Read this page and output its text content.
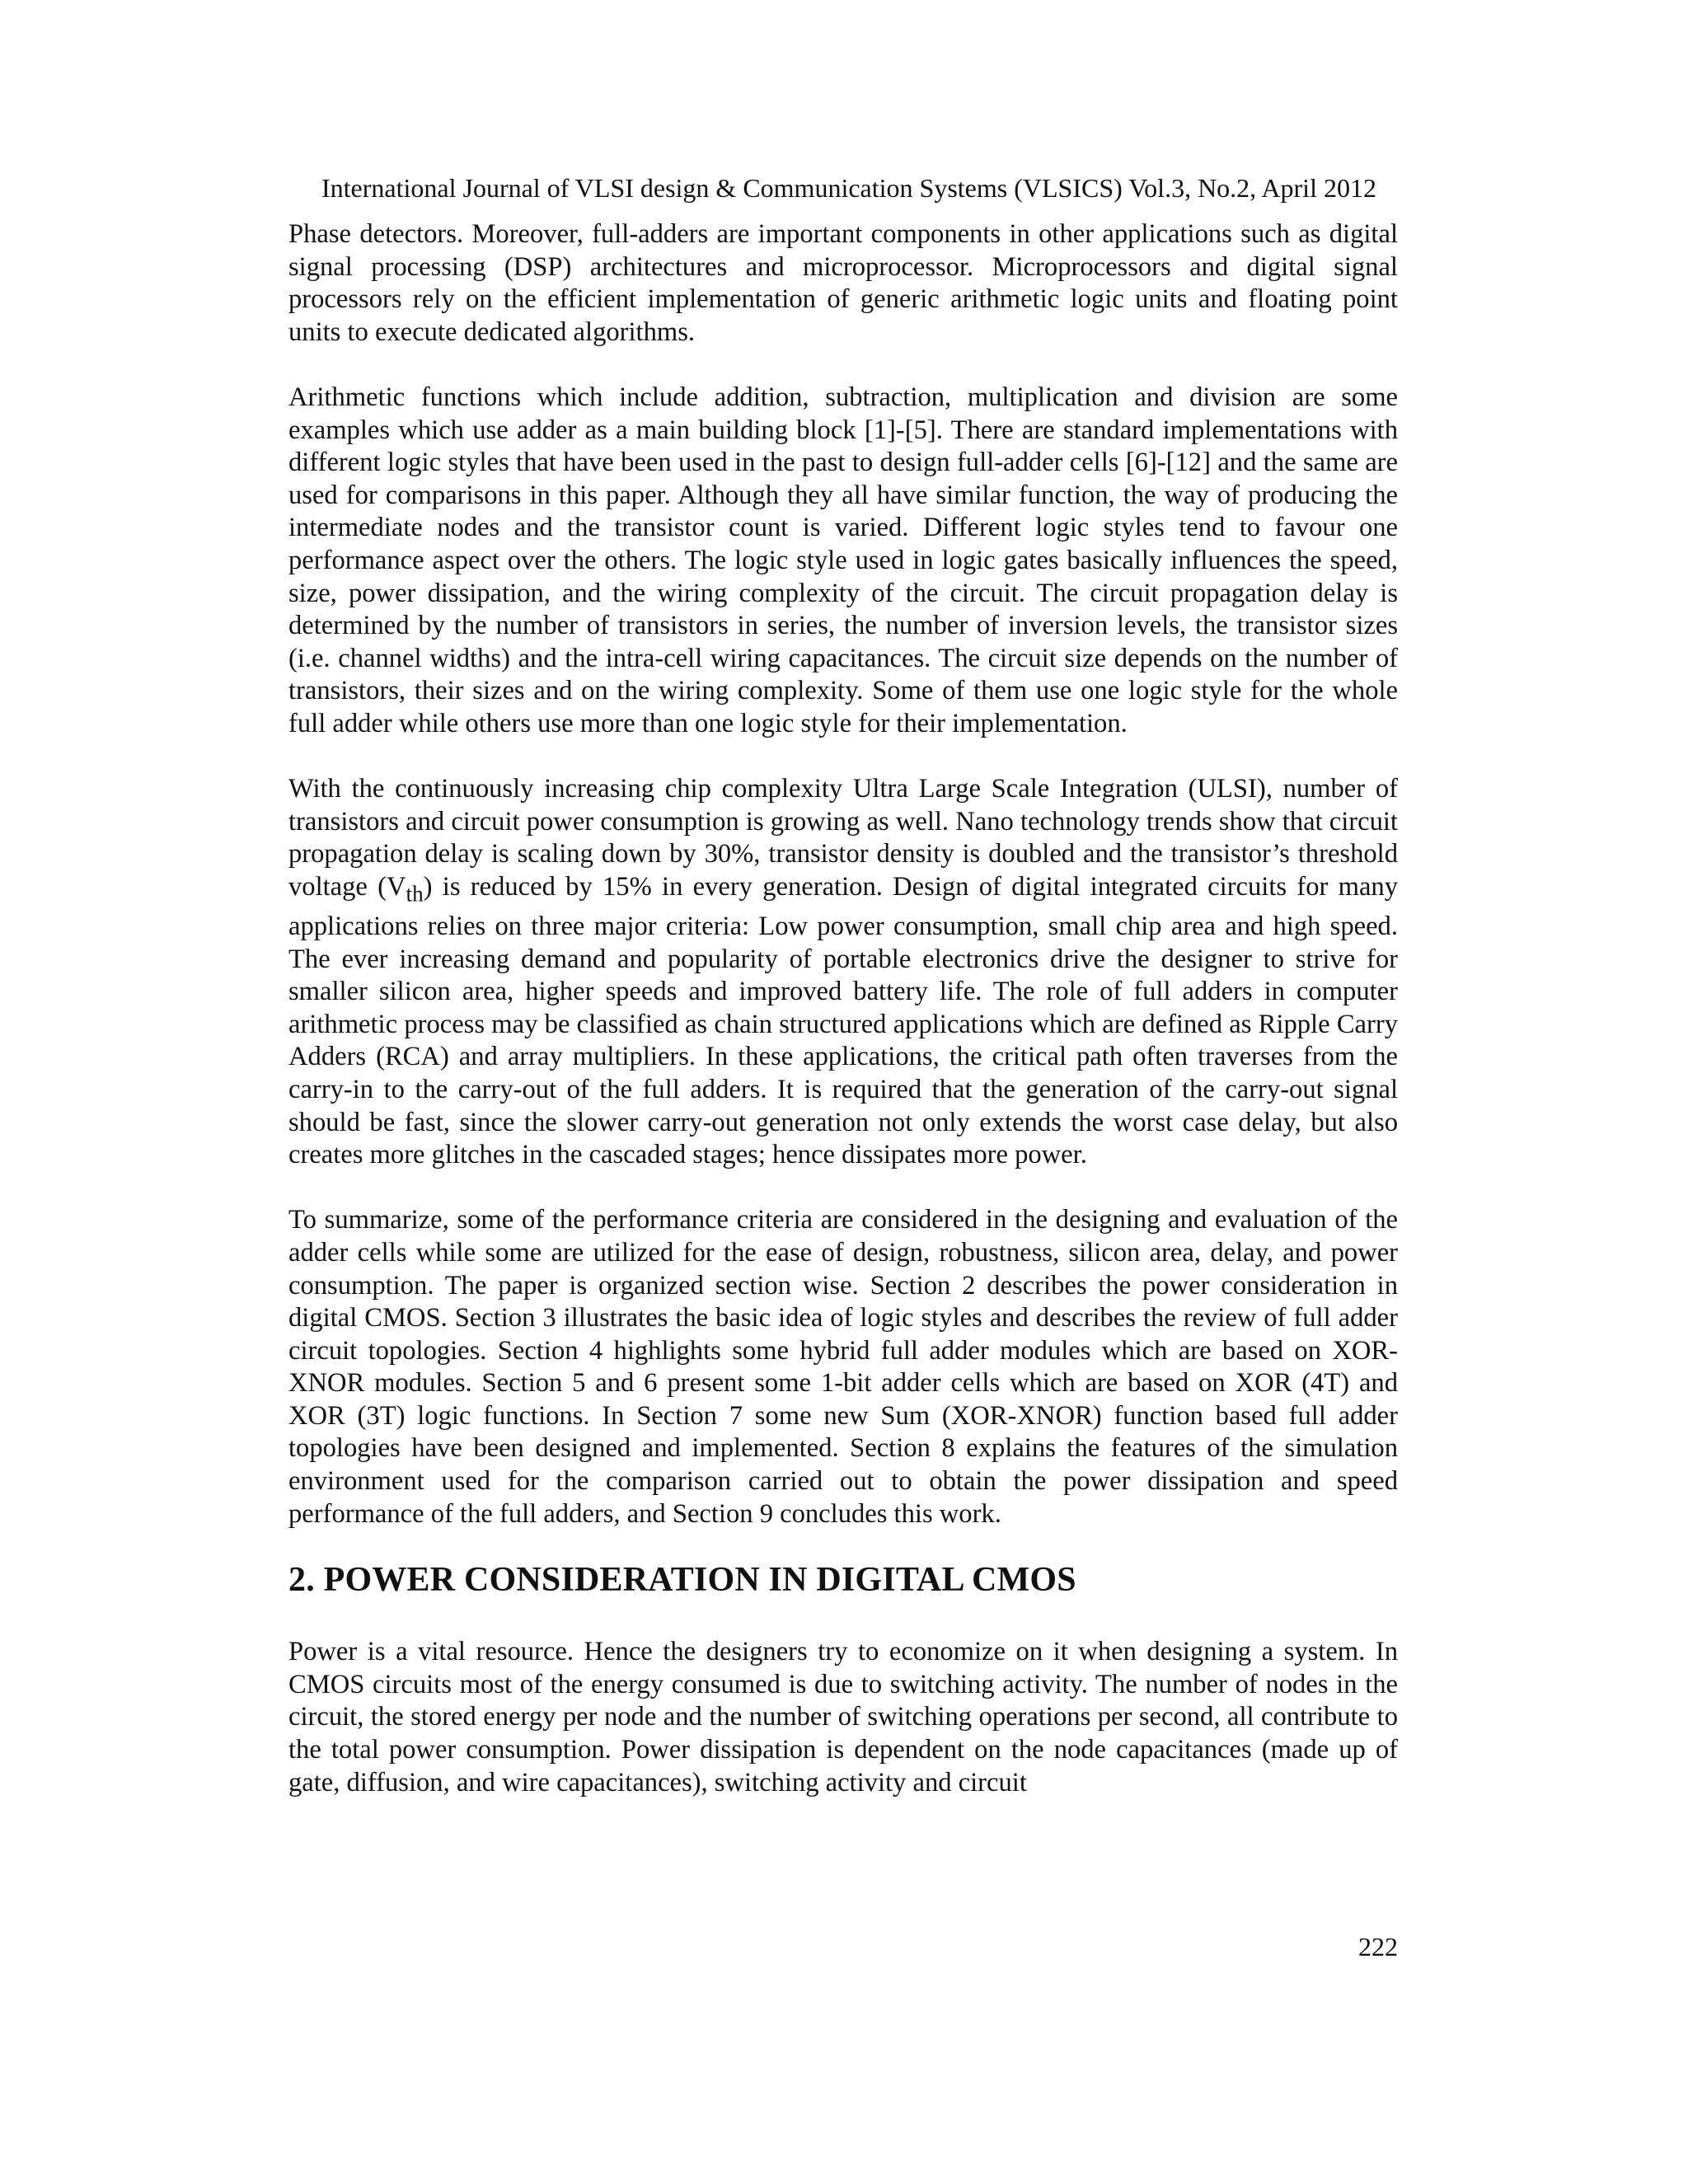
International Journal of VLSI design & Communication Systems (VLSICS) Vol.3, No.2, April 2012

Phase detectors. Moreover, full-adders are important components in other applications such as digital signal processing (DSP) architectures and microprocessor. Microprocessors and digital signal processors rely on the efficient implementation of generic arithmetic logic units and floating point units to execute dedicated algorithms.

Arithmetic functions which include addition, subtraction, multiplication and division are some examples which use adder as a main building block [1]-[5]. There are standard implementations with different logic styles that have been used in the past to design full-adder cells [6]-[12] and the same are used for comparisons in this paper. Although they all have similar function, the way of producing the intermediate nodes and the transistor count is varied. Different logic styles tend to favour one performance aspect over the others. The logic style used in logic gates basically influences the speed, size, power dissipation, and the wiring complexity of the circuit. The circuit propagation delay is determined by the number of transistors in series, the number of inversion levels, the transistor sizes (i.e. channel widths) and the intra-cell wiring capacitances. The circuit size depends on the number of transistors, their sizes and on the wiring complexity. Some of them use one logic style for the whole full adder while others use more than one logic style for their implementation.

With the continuously increasing chip complexity Ultra Large Scale Integration (ULSI), number of transistors and circuit power consumption is growing as well. Nano technology trends show that circuit propagation delay is scaling down by 30%, transistor density is doubled and the transistor’s threshold voltage $(V_{th})$ is reduced by 15% in every generation. Design of digital integrated circuits for many applications relies on three major criteria: Low power consumption, small chip area and high speed. The ever increasing demand and popularity of portable electronics drive the designer to strive for smaller silicon area, higher speeds and improved battery life. The role of full adders in computer arithmetic process may be classified as chain structured applications which are defined as Ripple Carry Adders (RCA) and array multipliers. In these applications, the critical path often traverses from the carry-in to the carry-out of the full adders. It is required that the generation of the carry-out signal should be fast, since the slower carry-out generation not only extends the worst case delay, but also creates more glitches in the cascaded stages; hence dissipates more power.

To summarize, some of the performance criteria are considered in the designing and evaluation of the adder cells while some are utilized for the ease of design, robustness, silicon area, delay, and power consumption. The paper is organized section wise. Section 2 describes the power consideration in digital CMOS. Section 3 illustrates the basic idea of logic styles and describes the review of full adder circuit topologies. Section 4 highlights some hybrid full adder modules which are based on XOR-XNOR modules. Section 5 and 6 present some 1-bit adder cells which are based on XOR (4T) and XOR (3T) logic functions. In Section 7 some new Sum (XOR-XNOR) function based full adder topologies have been designed and implemented. Section 8 explains the features of the simulation environment used for the comparison carried out to obtain the power dissipation and speed performance of the full adders, and Section 9 concludes this work.

2. POWER CONSIDERATION IN DIGITAL CMOS

Power is a vital resource. Hence the designers try to economize on it when designing a system. In CMOS circuits most of the energy consumed is due to switching activity. The number of nodes in the circuit, the stored energy per node and the number of switching operations per second, all contribute to the total power consumption. Power dissipation is dependent on the node capacitances (made up of gate, diffusion, and wire capacitances), switching activity and circuit

222
